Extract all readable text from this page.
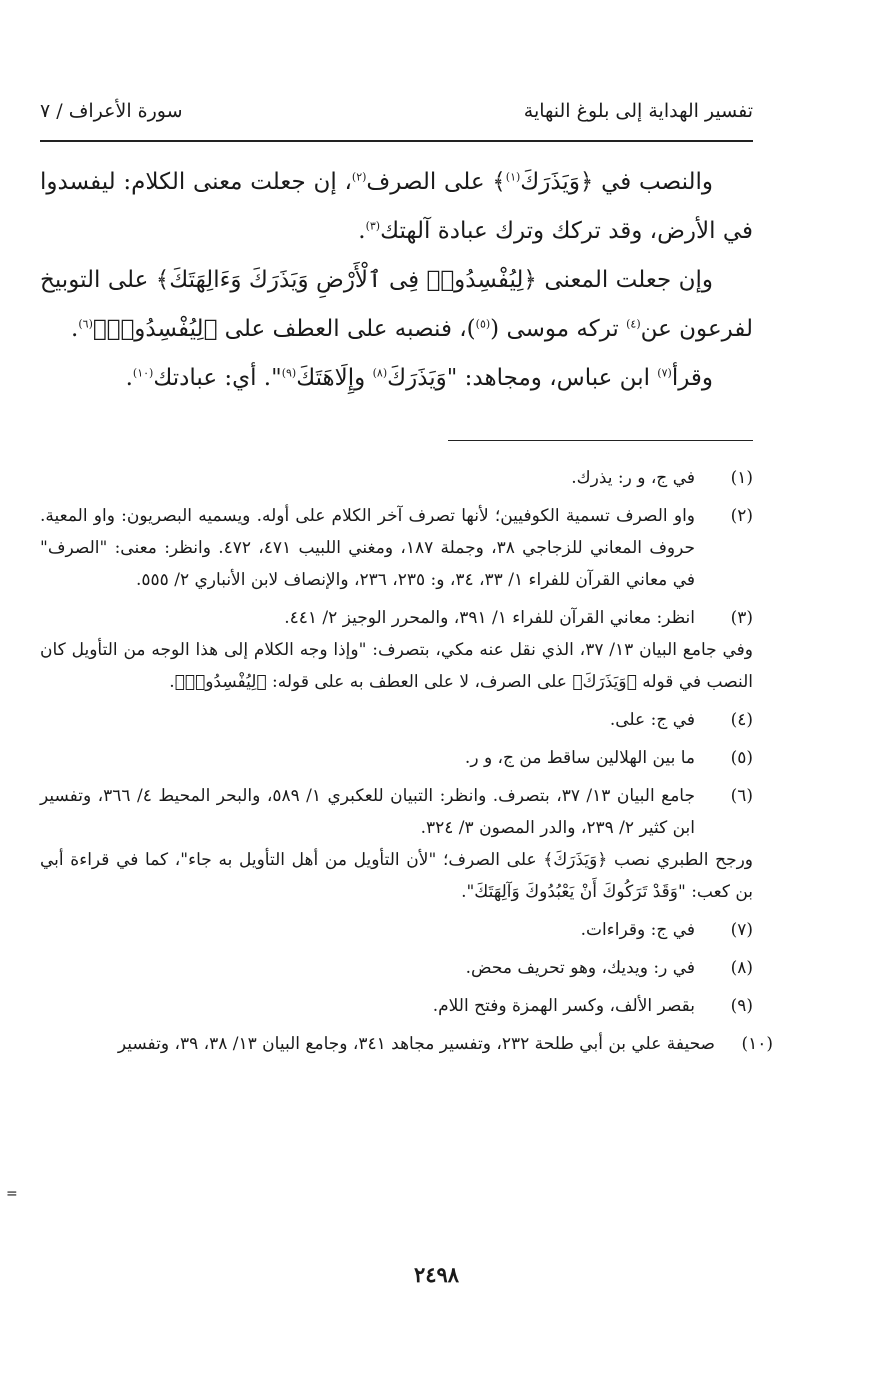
تفسير الهداية إلى بلوغ النهاية
سورة الأعراف / ٧

والنصب في ﴿وَيَذَرَكَ$^{(١)}$﴾ على الصرف$^{(٢)}$، إن جعلت معنى الكلام: ليفسدوا في الأرض، وقد تركك وترك عبادة آلهتك$^{(٣)}$.

وإن جعلت المعنى ﴿لِيُفْسِدُوا۟ فِى ٱلْأَرْضِ وَيَذَرَكَ وَءَالِهَتَكَ﴾ على التوبيخ لفرعون عن$^{(٤)}$ تركه موسى ($^{(٥)}$)، فنصبه على العطف على ﴿لِيُفْسِدُوا۟﴾$^{(٦)}$.

وقرأ$^{(٧)}$ ابن عباس، ومجاهد: "وَيَذَرَكَ$^{(٨)}$ وإِلَاهَتَكَ$^{(٩)}$". أي: عبادتك$^{(١٠)}$.

(١)
في ج، و ر: يذرك.

(٢)
واو الصرف تسمية الكوفيين؛ لأنها تصرف آخر الكلام على أوله. ويسميه البصريون: واو المعية. حروف المعاني للزجاجي ٣٨، وجملة ١٨٧، ومغني اللبيب ٤٧١، ٤٧٢. وانظر: معنى: "الصرف" في معاني القرآن للفراء ١/ ٣٣، ٣٤، و: ٢٣٥، ٢٣٦، والإنصاف لابن الأنباري ٢/ ٥٥٥.

(٣)
انظر: معاني القرآن للفراء ١/ ٣٩١، والمحرر الوجيز ٢/ ٤٤١.
وفي جامع البيان ١٣/ ٣٧، الذي نقل عنه مكي، بتصرف: "وإذا وجه الكلام إلى هذا الوجه من التأويل كان النصب في قوله ﴿وَيَذَرَكَ﴾ على الصرف، لا على العطف به على قوله: ﴿لِيُفْسِدُوا۟﴾.

(٤)
في ج: على.

(٥)
ما بين الهلالين ساقط من ج، و ر.

(٦)
جامع البيان ١٣/ ٣٧، بتصرف. وانظر: التبيان للعكبري ١/ ٥٨٩، والبحر المحيط ٤/ ٣٦٦، وتفسير ابن كثير ٢/ ٢٣٩، والدر المصون ٣/ ٣٢٤.
ورجح الطبري نصب ﴿وَيَذَرَكَ﴾ على الصرف؛ "لأن التأويل من أهل التأويل به جاء"، كما في قراءة أبي بن كعب: "وَقَدْ تَرَكُوكَ أَنْ يَعْبُدُوكَ وَآلِهَتَكَ".

(٧)
في ج: وقراءات.

(٨)
في ر: ويديك، وهو تحريف محض.

(٩)
بقصر الألف، وكسر الهمزة وفتح اللام.

(١٠)
صحيفة علي بن أبي طلحة ٢٣٢، وتفسير مجاهد ٣٤١، وجامع البيان ١٣/ ٣٨، ٣٩، وتفسير

=
٢٤٩٨
